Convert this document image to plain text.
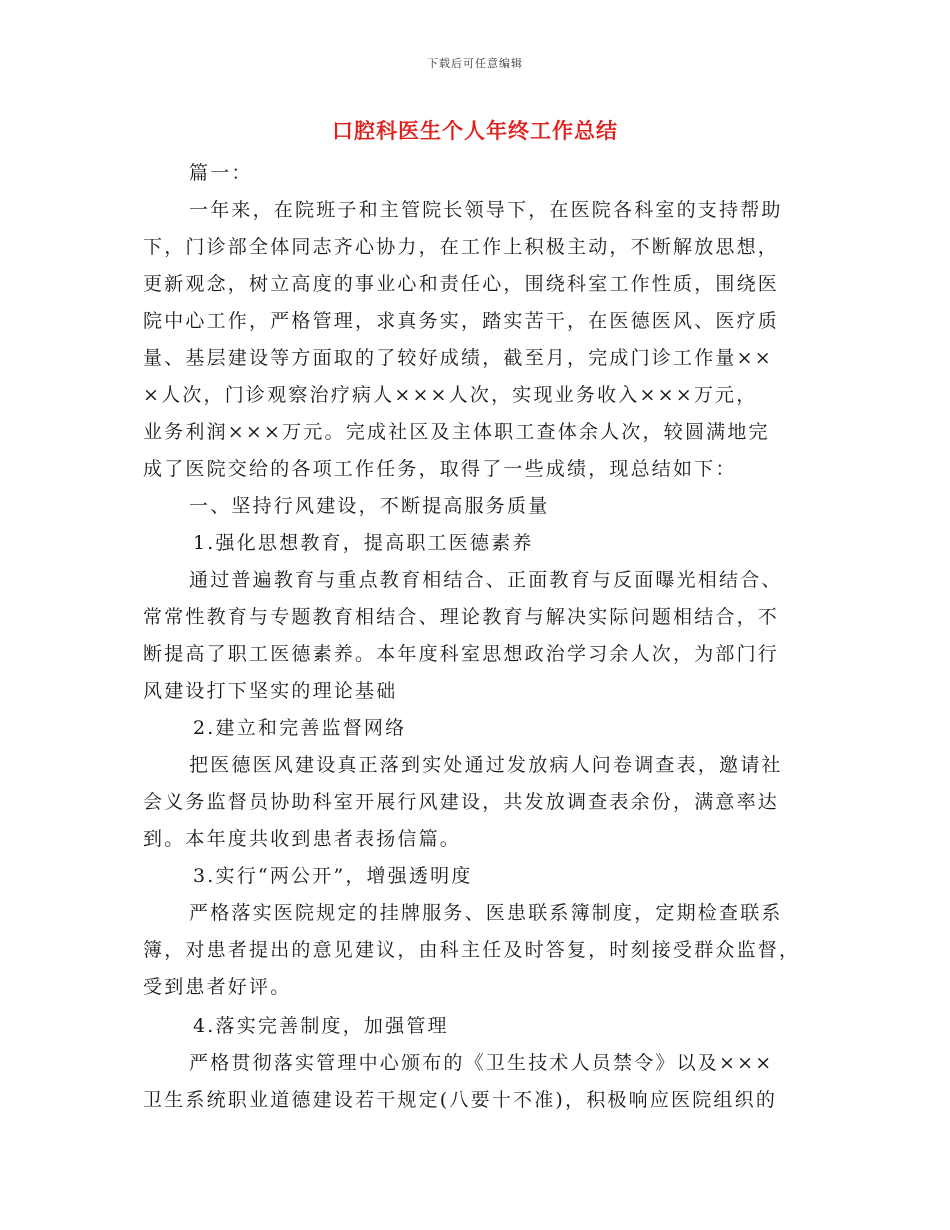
下载后可任意编辑
口腔科医生个人年终工作总结
篇一：
一年来，在院班子和主管院长领导下，在医院各科室的支持帮助
下，门诊部全体同志齐心协力，在工作上积极主动，不断解放思想，
更新观念，树立高度的事业心和责任心，围绕科室工作性质，围绕医
院中心工作，严格管理，求真务实，踏实苦干，在医德医风、医疗质
量、基层建设等方面取的了较好成绩，截至月，完成门诊工作量××
×人次，门诊观察治疗病人×××人次，实现业务收入×××万元，
业务利润×××万元。完成社区及主体职工查体余人次，较圆满地完
成了医院交给的各项工作任务，取得了一些成绩，现总结如下：
一、坚持行风建设，不断提高服务质量
1.强化思想教育，提高职工医德素养
通过普遍教育与重点教育相结合、正面教育与反面曝光相结合、
常常性教育与专题教育相结合、理论教育与解决实际问题相结合，不
断提高了职工医德素养。本年度科室思想政治学习余人次，为部门行
风建设打下坚实的理论基础
2.建立和完善监督网络
把医德医风建设真正落到实处通过发放病人问卷调查表，邀请社
会义务监督员协助科室开展行风建设，共发放调查表余份，满意率达
到。本年度共收到患者表扬信篇。
3.实行“两公开”，增强透明度
严格落实医院规定的挂牌服务、医患联系簿制度，定期检查联系
簿，对患者提出的意见建议，由科主任及时答复，时刻接受群众监督，
受到患者好评。
4.落实完善制度，加强管理
严格贯彻落实管理中心颁布的《卫生技术人员禁令》以及×××
卫生系统职业道德建设若干规定(八要十不准)，积极响应医院组织的
